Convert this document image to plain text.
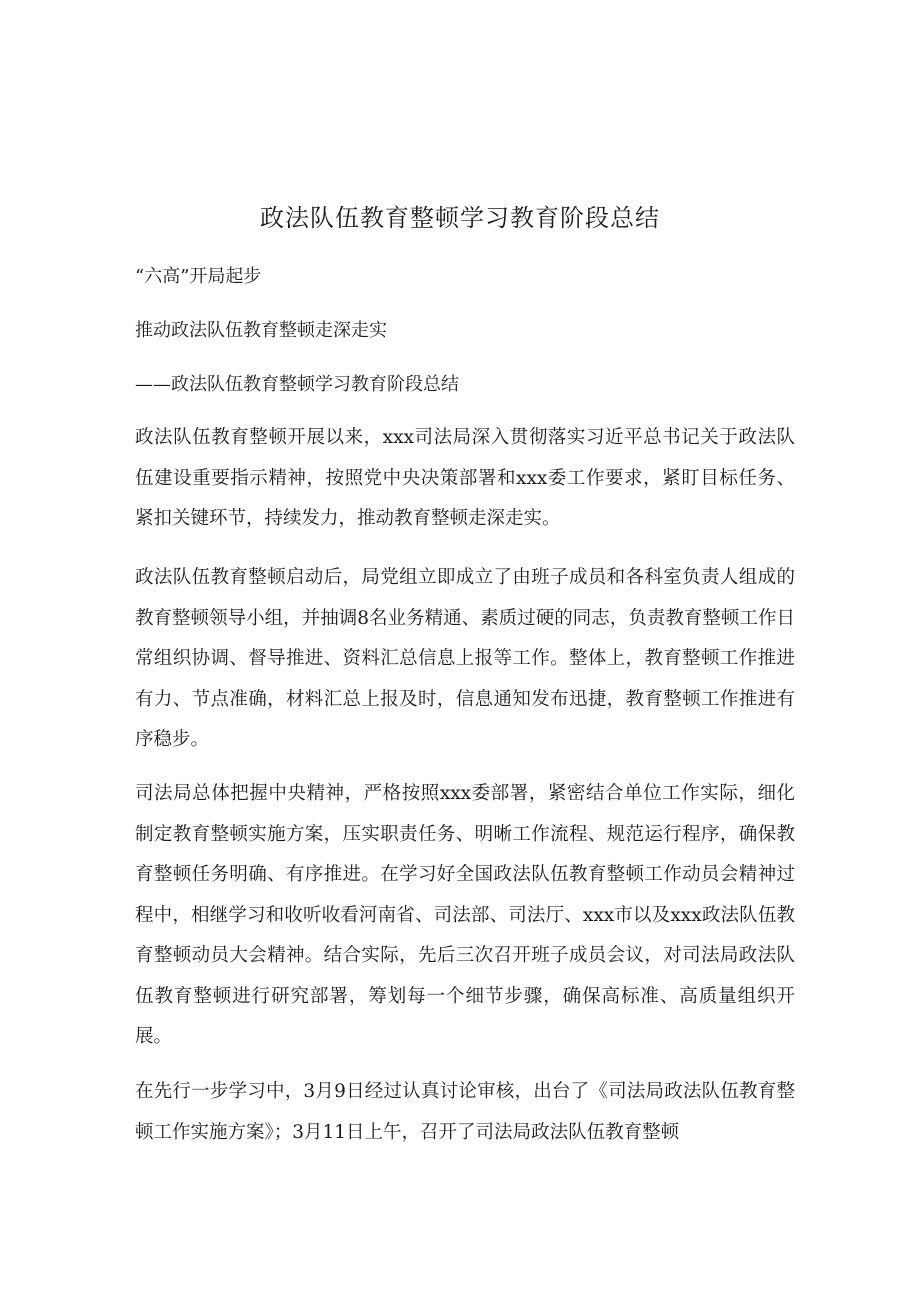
政法队伍教育整顿学习教育阶段总结

“六高”开局起步

推动政法队伍教育整顿走深走实

——政法队伍教育整顿学习教育阶段总结

政法队伍教育整顿开展以来，xxx司法局深入贯彻落实习近平总书记关于政法队伍建设重要指示精神，按照党中央决策部署和xxx委工作要求，紧盯目标任务、紧扣关键环节，持续发力，推动教育整顿走深走实。

政法队伍教育整顿启动后，局党组立即成立了由班子成员和各科室负责人组成的教育整顿领导小组，并抽调8名业务精通、素质过硬的同志，负责教育整顿工作日常组织协调、督导推进、资料汇总信息上报等工作。整体上，教育整顿工作推进有力、节点准确，材料汇总上报及时，信息通知发布迅捷，教育整顿工作推进有序稳步。

司法局总体把握中央精神，严格按照xxx委部署，紧密结合单位工作实际，细化制定教育整顿实施方案，压实职责任务、明晰工作流程、规范运行程序，确保教育整顿任务明确、有序推进。在学习好全国政法队伍教育整顿工作动员会精神过程中，相继学习和收听收看河南省、司法部、司法厅、xxx市以及xxx政法队伍教育整顿动员大会精神。结合实际，先后三次召开班子成员会议，对司法局政法队伍教育整顿进行研究部署，筹划每一个细节步骤，确保高标准、高质量组织开展。

在先行一步学习中，3月9日经过认真讨论审核，出台了《司法局政法队伍教育整顿工作实施方案》；3月11日上午，召开了司法局政法队伍教育整顿
